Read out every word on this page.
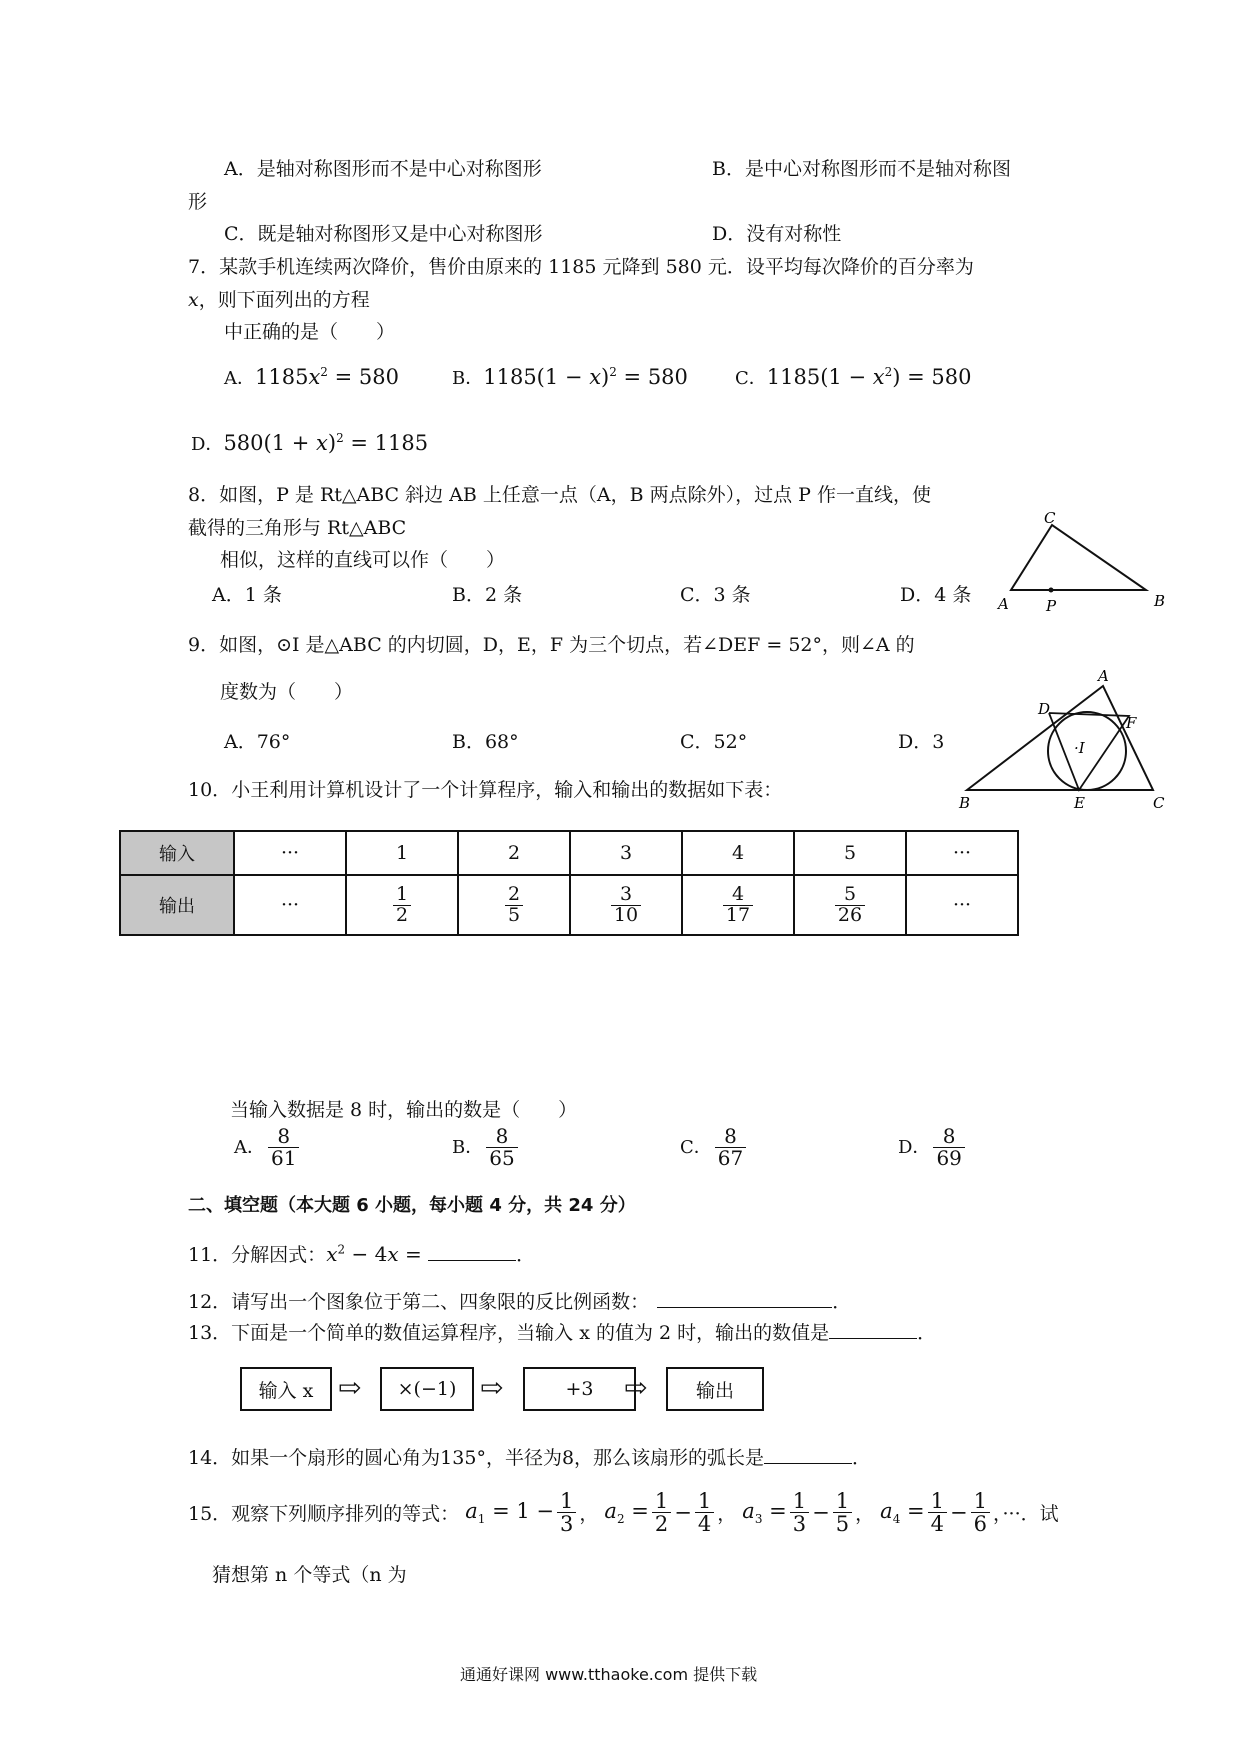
A．是轴对称图形而不是中心对称图形	B．是中心对称图形而不是轴对称图
形
C．既是轴对称图形又是中心对称图形	D．没有对称性
7．某款手机连续两次降价，售价由原来的 1185 元降到 580 元．设平均每次降价的百分率为
x，则下面列出的方程
中正确的是（　　）
A．$1185x^2 = 580$	B．$1185(1 - x)^2 = 580$	C．$1185(1 - x^2) = 580$
D．$580(1 + x)^2 = 1185$
8．如图，P 是 Rt△ABC 斜边 AB 上任意一点（A，B 两点除外），过点 P 作一直线，使
截得的三角形与 Rt△ABC
相似，这样的直线可以作（　　）
A．1 条	B．2 条	C．3 条	D．4 条
C
A P	B
9．如图，⊙I 是△ABC 的内切圆，D，E，F 为三个切点，若∠DEF = 52°，则∠A 的
度数为（　　）
A．76°	B．68°	C．52°	D．3
A
D
F
·I
B	E	C
10．小王利用计算机设计了一个计算程序，输入和输出的数据如下表：
输入	···	1	2	3	4	5	···
输出	···	$\frac{1}{2}$	$\frac{2}{5}$	$\frac{3}{10}$	$\frac{4}{17}$	$\frac{5}{26}$	···
当输入数据是 8 时，输出的数是（　　）
A． $\frac{8}{61}$	B． $\frac{8}{65}$	C． $\frac{8}{67}$	D． $\frac{8}{69}$
二、填空题（本大题 6 小题，每小题 4 分，共 24 分）
11．分解因式：$x^2 - 4x$ =	．
12．请写出一个图象位于第二、四象限的反比例函数：	．
13．下面是一个简单的数值运算程序，当输入 x 的值为 2 时，输出的数值是	．
输入 x ⇨	×(−1) ⇨	+3	⇨	输出
14．如果一个扇形的圆心角为135°，半径为8，那么该扇形的弧长是	．
15．观察下列顺序排列的等式： $a_1 = 1 - \frac{1}{3}$ ， $a_2 = \frac{1}{2} - \frac{1}{4}$ ， $a_3 = \frac{1}{3} - \frac{1}{5}$ ， $a_4 = \frac{1}{4} - \frac{1}{6}$ ，···．试
猜想第 n 个等式（n 为
通通好课网 www.tthaoke.com 提供下载
